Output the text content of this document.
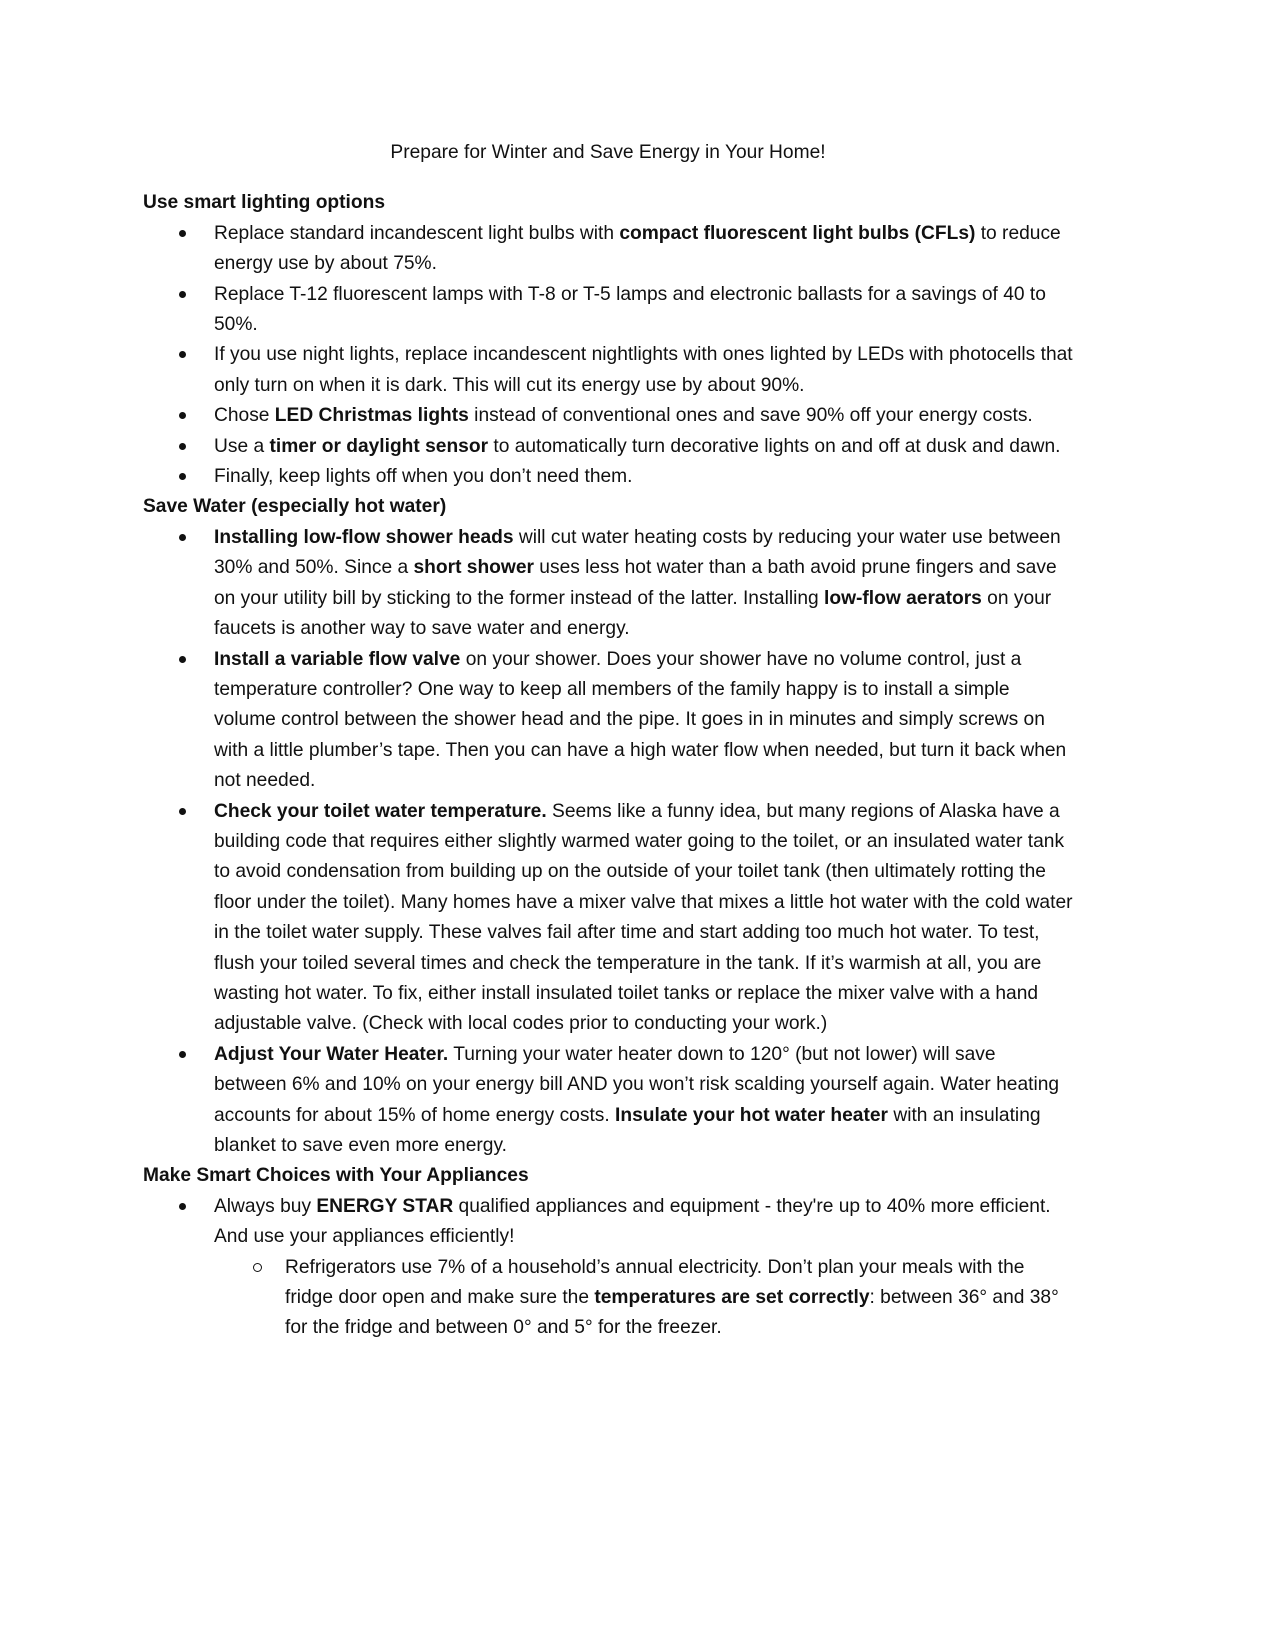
Prepare for Winter and Save Energy in Your Home!
Use smart lighting options
Replace standard incandescent light bulbs with compact fluorescent light bulbs (CFLs) to reduce energy use by about 75%.
Replace T-12 fluorescent lamps with T-8 or T-5 lamps and electronic ballasts for a savings of 40 to 50%.
If you use night lights, replace incandescent nightlights with ones lighted by LEDs with photocells that only turn on when it is dark. This will cut its energy use by about 90%.
Chose LED Christmas lights instead of conventional ones and save 90% off your energy costs.
Use a timer or daylight sensor to automatically turn decorative lights on and off at dusk and dawn.
Finally, keep lights off when you don’t need them.
Save Water (especially hot water)
Installing low-flow shower heads will cut water heating costs by reducing your water use between 30% and 50%. Since a short shower uses less hot water than a bath avoid prune fingers and save on your utility bill by sticking to the former instead of the latter. Installing low-flow aerators on your faucets is another way to save water and energy.
Install a variable flow valve on your shower. Does your shower have no volume control, just a temperature controller? One way to keep all members of the family happy is to install a simple volume control between the shower head and the pipe. It goes in in minutes and simply screws on with a little plumber’s tape. Then you can have a high water flow when needed, but turn it back when not needed.
Check your toilet water temperature. Seems like a funny idea, but many regions of Alaska have a building code that requires either slightly warmed water going to the toilet, or an insulated water tank to avoid condensation from building up on the outside of your toilet tank (then ultimately rotting the floor under the toilet). Many homes have a mixer valve that mixes a little hot water with the cold water in the toilet water supply. These valves fail after time and start adding too much hot water. To test, flush your toiled several times and check the temperature in the tank. If it’s warmish at all, you are wasting hot water. To fix, either install insulated toilet tanks or replace the mixer valve with a hand adjustable valve. (Check with local codes prior to conducting your work.)
Adjust Your Water Heater. Turning your water heater down to 120° (but not lower) will save between 6% and 10% on your energy bill AND you won’t risk scalding yourself again. Water heating accounts for about 15% of home energy costs. Insulate your hot water heater with an insulating blanket to save even more energy.
Make Smart Choices with Your Appliances
Always buy ENERGY STAR qualified appliances and equipment - they're up to 40% more efficient. And use your appliances efficiently!
Refrigerators use 7% of a household’s annual electricity. Don’t plan your meals with the fridge door open and make sure the temperatures are set correctly: between 36° and 38° for the fridge and between 0° and 5° for the freezer.
